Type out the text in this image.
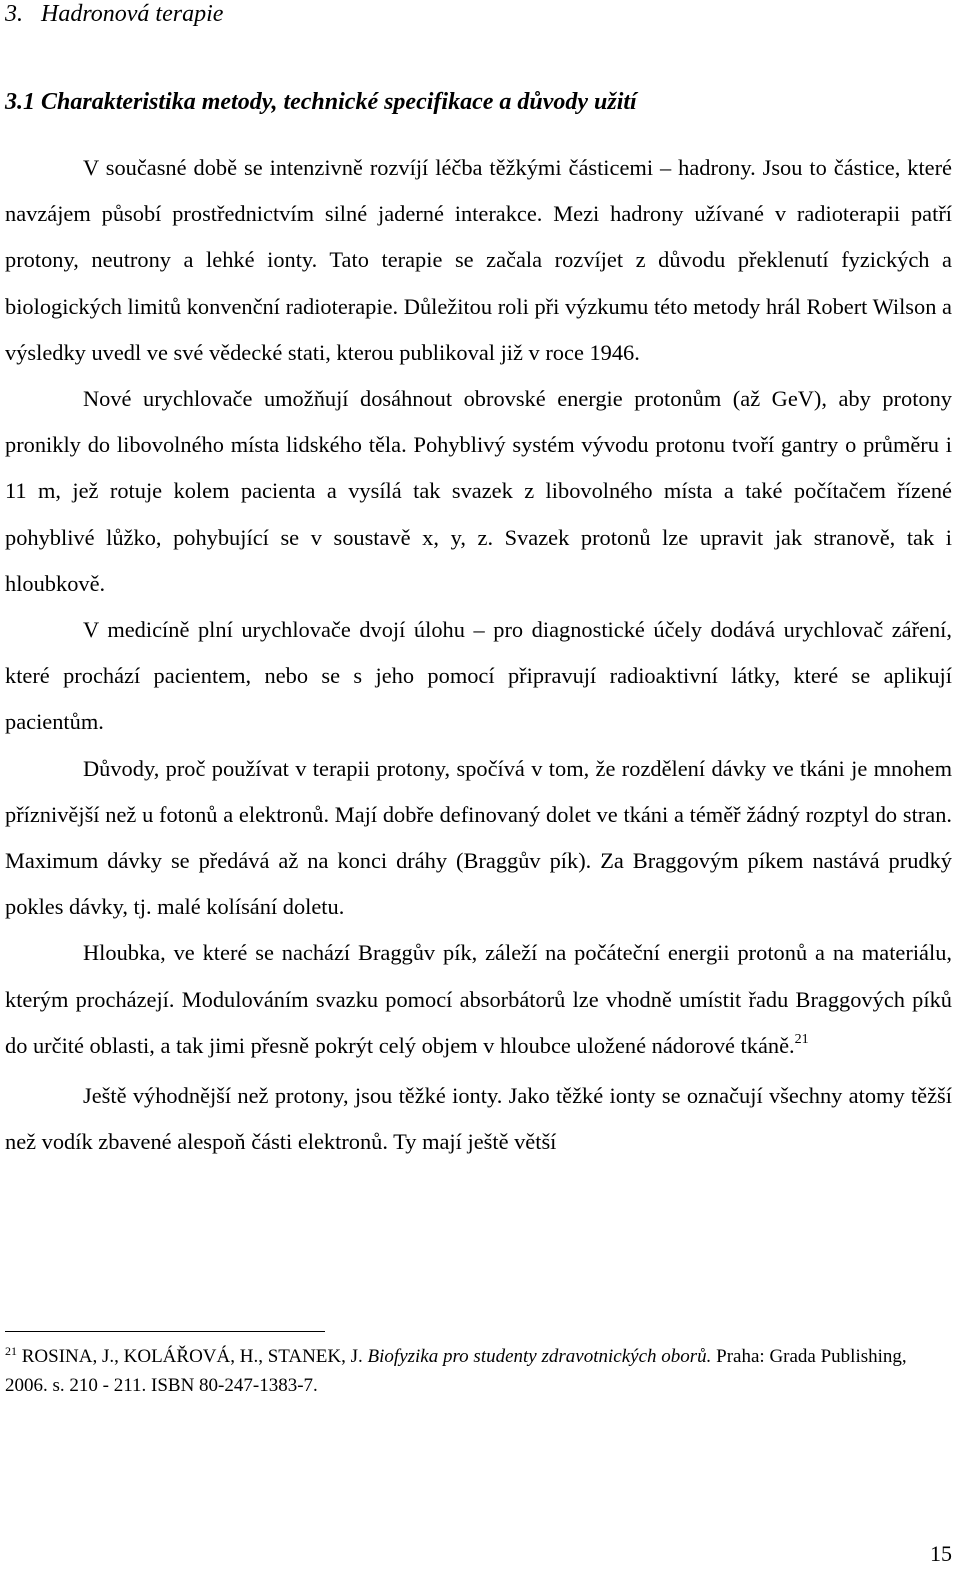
3. Hadronová terapie
3.1 Charakteristika metody, technické specifikace a důvody užití

V současné době se intenzivně rozvíjí léčba těžkými částicemi – hadrony. Jsou to částice, které navzájem působí prostřednictvím silné jaderné interakce. Mezi hadrony užívané v radioterapii patří protony, neutrony a lehké ionty. Tato terapie se začala rozvíjet z důvodu překlenutí fyzických a biologických limitů konvenční radioterapie. Důležitou roli při výzkumu této metody hrál Robert Wilson a výsledky uvedl ve své vědecké stati, kterou publikoval již v roce 1946.

Nové urychlovače umožňují dosáhnout obrovské energie protonům (až GeV), aby protony pronikly do libovolného místa lidského těla. Pohyblivý systém vývodu protonu tvoří gantry o průměru i 11 m, jež rotuje kolem pacienta a vysílá tak svazek z libovolného místa a také počítačem řízené pohyblivé lůžko, pohybující se v soustavě x, y, z. Svazek protonů lze upravit jak stranově, tak i hloubkově.

V medicíně plní urychlovače dvojí úlohu – pro diagnostické účely dodává urychlovač záření, které prochází pacientem, nebo se s jeho pomocí připravují radioaktivní látky, které se aplikují pacientům.

Důvody, proč používat v terapii protony, spočívá v tom, že rozdělení dávky ve tkáni je mnohem příznivější než u fotonů a elektronů. Mají dobře definovaný dolet ve tkáni a téměř žádný rozptyl do stran. Maximum dávky se předává až na konci dráhy (Braggův pík). Za Braggovým píkem nastává prudký pokles dávky, tj. malé kolísání doletu.

Hloubka, ve které se nachází Braggův pík, záleží na počáteční energii protonů a na materiálu, kterým procházejí. Modulováním svazku pomocí absorbátorů lze vhodně umístit řadu Braggových píků do určité oblasti, a tak jimi přesně pokrýt celý objem v hloubce uložené nádorové tkáně.$^{21}$

Ještě výhodnější než protony, jsou těžké ionty. Jako těžké ionty se označují všechny atomy těžší než vodík zbavené alespoň části elektronů. Ty mají ještě větší

$^{21}$ ROSINA, J., KOLÁŘOVÁ, H., STANEK, J. Biofyzika pro studenty zdravotnických oborů. Praha: Grada Publishing, 2006. s. 210 - 211. ISBN 80-247-1383-7.
15
